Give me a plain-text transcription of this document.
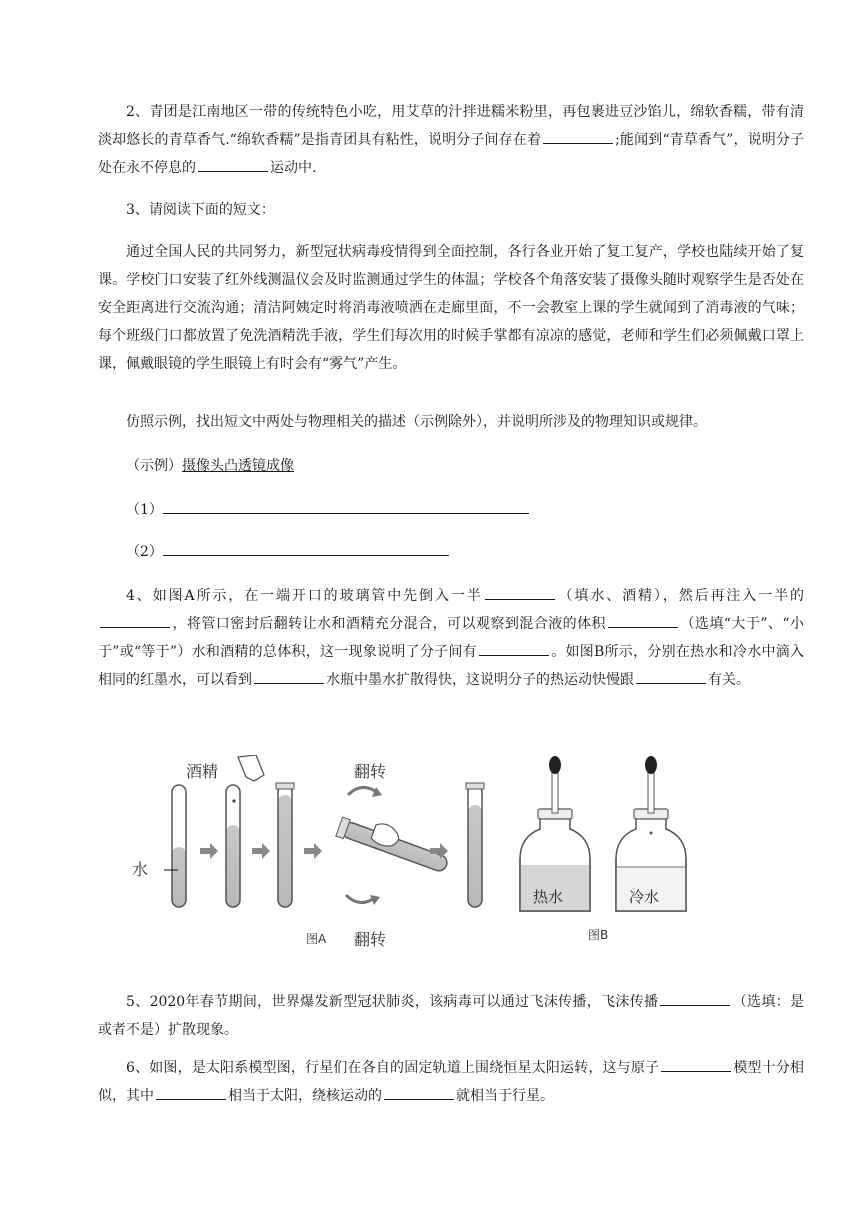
2、青团是江南地区一带的传统特色小吃，用艾草的汁拌进糯米粉里，再包裹进豆沙馅儿，绵软香糯，带有清淡却悠长的青草香气.“绵软香糯”是指青团具有粘性，说明分子间存在着	;能闻到“青草香气”，说明分子处在永不停息的	运动中.

3、请阅读下面的短文：

通过全国人民的共同努力，新型冠状病毒疫情得到全面控制，各行各业开始了复工复产，学校也陆续开始了复课。学校门口安装了红外线测温仪会及时监测通过学生的体温；学校各个角落安装了摄像头随时观察学生是否处在安全距离进行交流沟通；清洁阿姨定时将消毒液喷洒在走廊里面，不一会教室上课的学生就闻到了消毒液的气味；每个班级门口都放置了免洗酒精洗手液，学生们每次用的时候手掌都有凉凉的感觉，老师和学生们必须佩戴口罩上课，佩戴眼镜的学生眼镜上有时会有“雾气”产生。

仿照示例，找出短文中两处与物理相关的描述（示例除外），并说明所涉及的物理知识或规律。

（示例）摄像头凸透镜成像

（1）

（2）

4、如图A所示，在一端开口的玻璃管中先倒入一半	（填水、酒精），然后再注入一半的，将管口密封后翻转让水和酒精充分混合，可以观察到混合液的体积	（选填“大于”、“小于”或“等于”）水和酒精的总体积，这一现象说明了分子间有	。如图B所示，分别在热水和冷水中滴入相同的红墨水，可以看到	水瓶中墨水扩散得快，这说明分子的热运动快慢跟	有关。

水
酒精	翻转
翻转
图A
热水	冷水
图B

5、2020年春节期间，世界爆发新型冠状肺炎，该病毒可以通过飞沫传播，飞沫传播	（选填：是或者不是）扩散现象。

6、如图，是太阳系模型图，行星们在各自的固定轨道上围绕恒星太阳运转，这与原子	模型十分相似，其中	相当于太阳，绕核运动的	就相当于行星。
